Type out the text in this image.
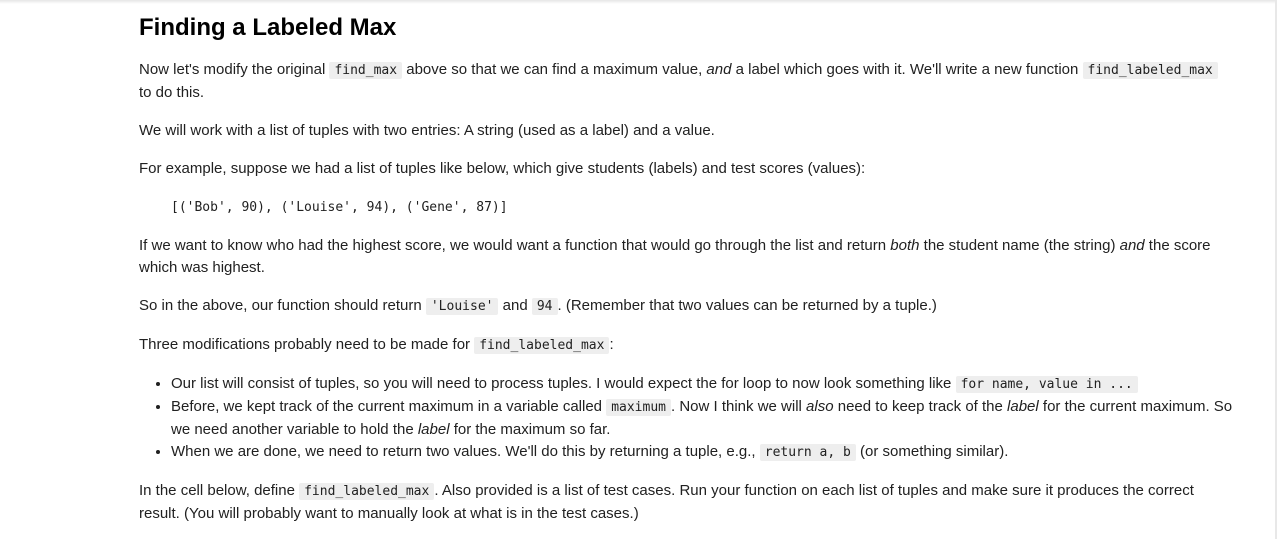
Finding a Labeled Max

Now let's modify the original find_max above so that we can find a maximum value, and a label which goes with it. We'll write a new function find_labeled_max to do this.

We will work with a list of tuples with two entries: A string (used as a label) and a value.

For example, suppose we had a list of tuples like below, which give students (labels) and test scores (values):

[('Bob', 90), ('Louise', 94), ('Gene', 87)]

If we want to know who had the highest score, we would want a function that would go through the list and return both the student name (the string) and the score which was highest.

So in the above, our function should return 'Louise' and 94 . (Remember that two values can be returned by a tuple.)

Three modifications probably need to be made for find_labeled_max :

• Our list will consist of tuples, so you will need to process tuples. I would expect the for loop to now look something like for name, value in ...
• Before, we kept track of the current maximum in a variable called maximum . Now I think we will also need to keep track of the label for the current maximum. So we need another variable to hold the label for the maximum so far.
• When we are done, we need to return two values. We'll do this by returning a tuple, e.g., return a, b (or something similar).

In the cell below, define find_labeled_max . Also provided is a list of test cases. Run your function on each list of tuples and make sure it produces the correct result. (You will probably want to manually look at what is in the test cases.)
